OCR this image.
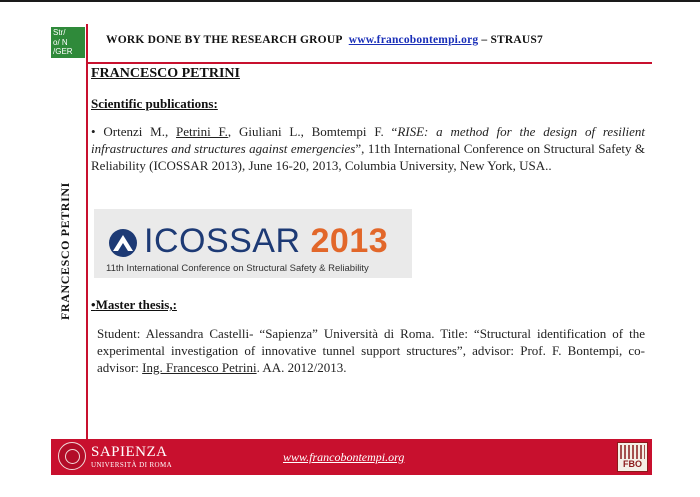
Str/
o/ N
/GER
WORK DONE BY THE RESEARCH GROUP www.francobontempi.org – STRAUS7
FRANCESCO PETRINI
FRANCESCO PETRINI
Scientific publications:
• Ortenzi M., Petrini F., Giuliani L., Bomtempi F. “RISE: a method for the design of resilient infrastructures and structures against emergencies”, 11th International Conference on Structural Safety & Reliability (ICOSSAR 2013), June 16-20, 2013, Columbia University, New York, USA..
ICOSSAR 2013
11th International Conference on Structural Safety & Reliability
•Master thesis,:
Student: Alessandra Castelli- “Sapienza” Università di Roma. Title: “Structural identification of the experimental investigation of innovative tunnel support structures”, advisor: Prof. F. Bontempi, co-advisor: Ing. Francesco Petrini. AA. 2012/2013.
SAPIENZA
UNIVERSITÀ DI ROMA
www.francobontempi.org	FBO
